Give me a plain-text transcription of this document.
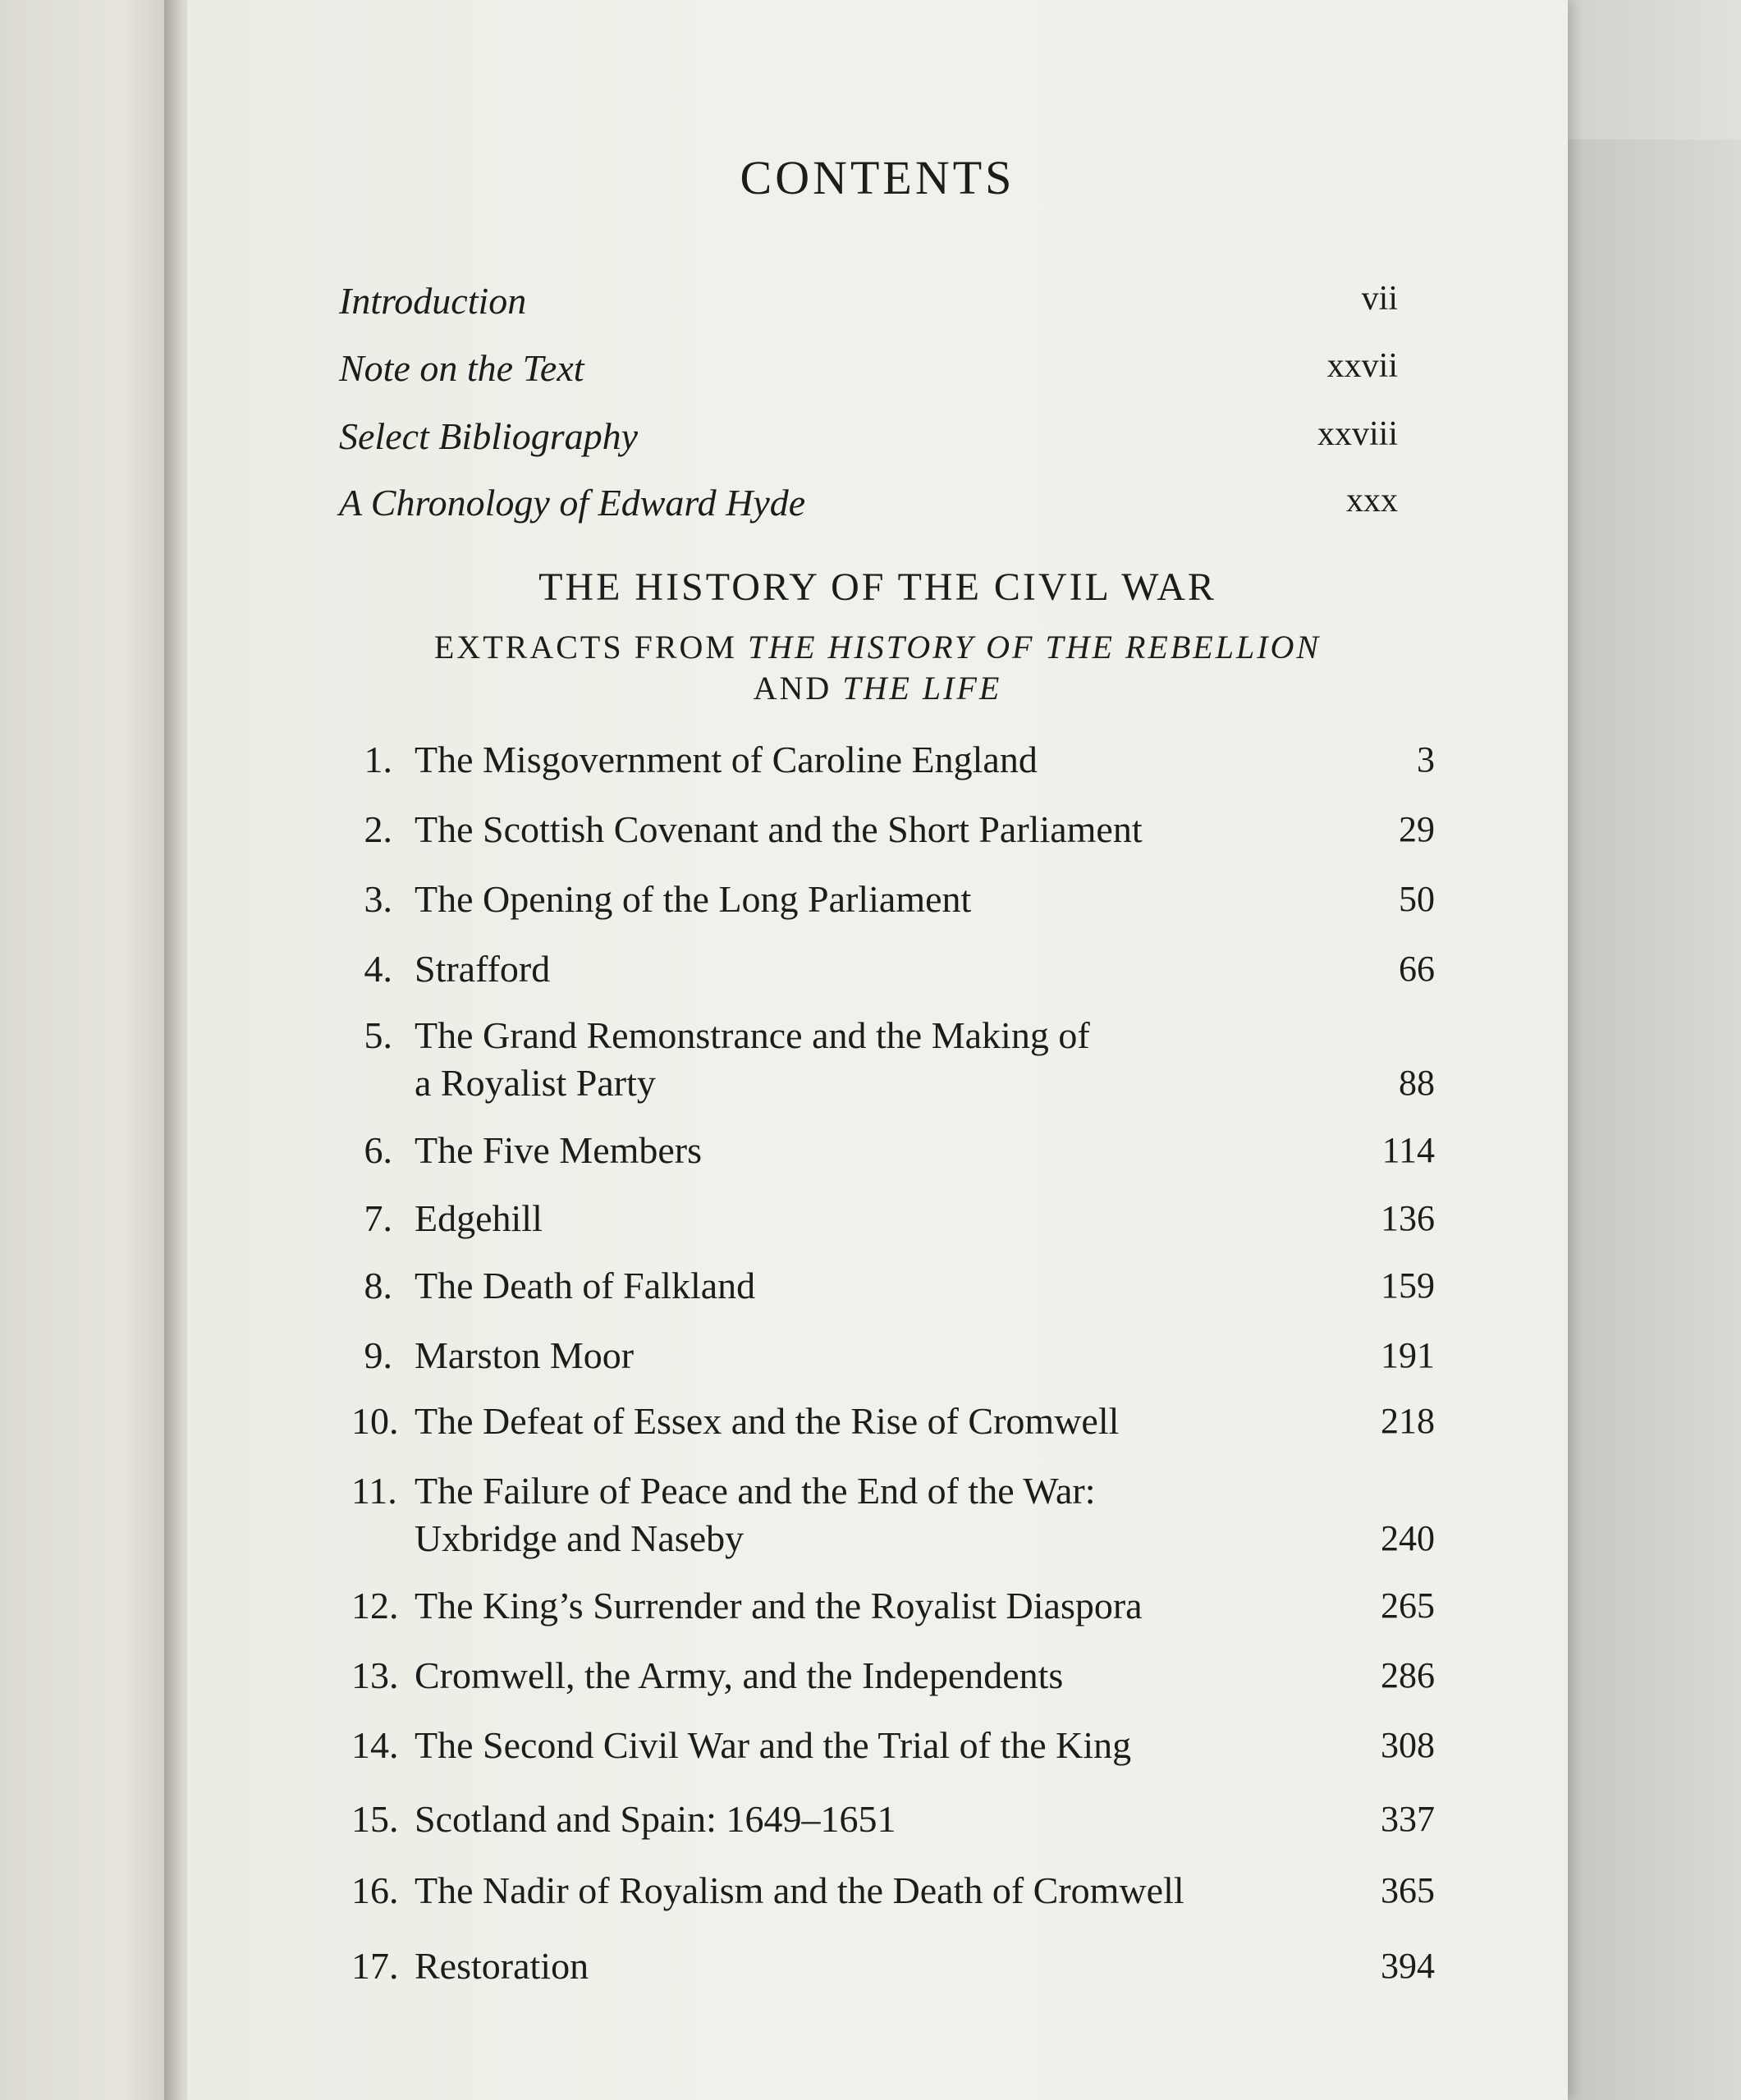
CONTENTS
Introduction	vii
Note on the Text	xxvii
Select Bibliography	xxviii
A Chronology of Edward Hyde	xxx
THE HISTORY OF THE CIVIL WAR
EXTRACTS FROM THE HISTORY OF THE REBELLION
AND THE LIFE
1. The Misgovernment of Caroline England	3
2. The Scottish Covenant and the Short Parliament	29
3. The Opening of the Long Parliament	50
4. Strafford	66
5. The Grand Remonstrance and the Making of
a Royalist Party	88
6. The Five Members	114
7. Edgehill	136
8. The Death of Falkland	159
9. Marston Moor	191
10. The Defeat of Essex and the Rise of Cromwell	218
11. The Failure of Peace and the End of the War:
Uxbridge and Naseby	240
12. The King’s Surrender and the Royalist Diaspora	265
13. Cromwell, the Army, and the Independents	286
14. The Second Civil War and the Trial of the King	308
15. Scotland and Spain: 1649–1651	337
16. The Nadir of Royalism and the Death of Cromwell	365
17. Restoration	394
